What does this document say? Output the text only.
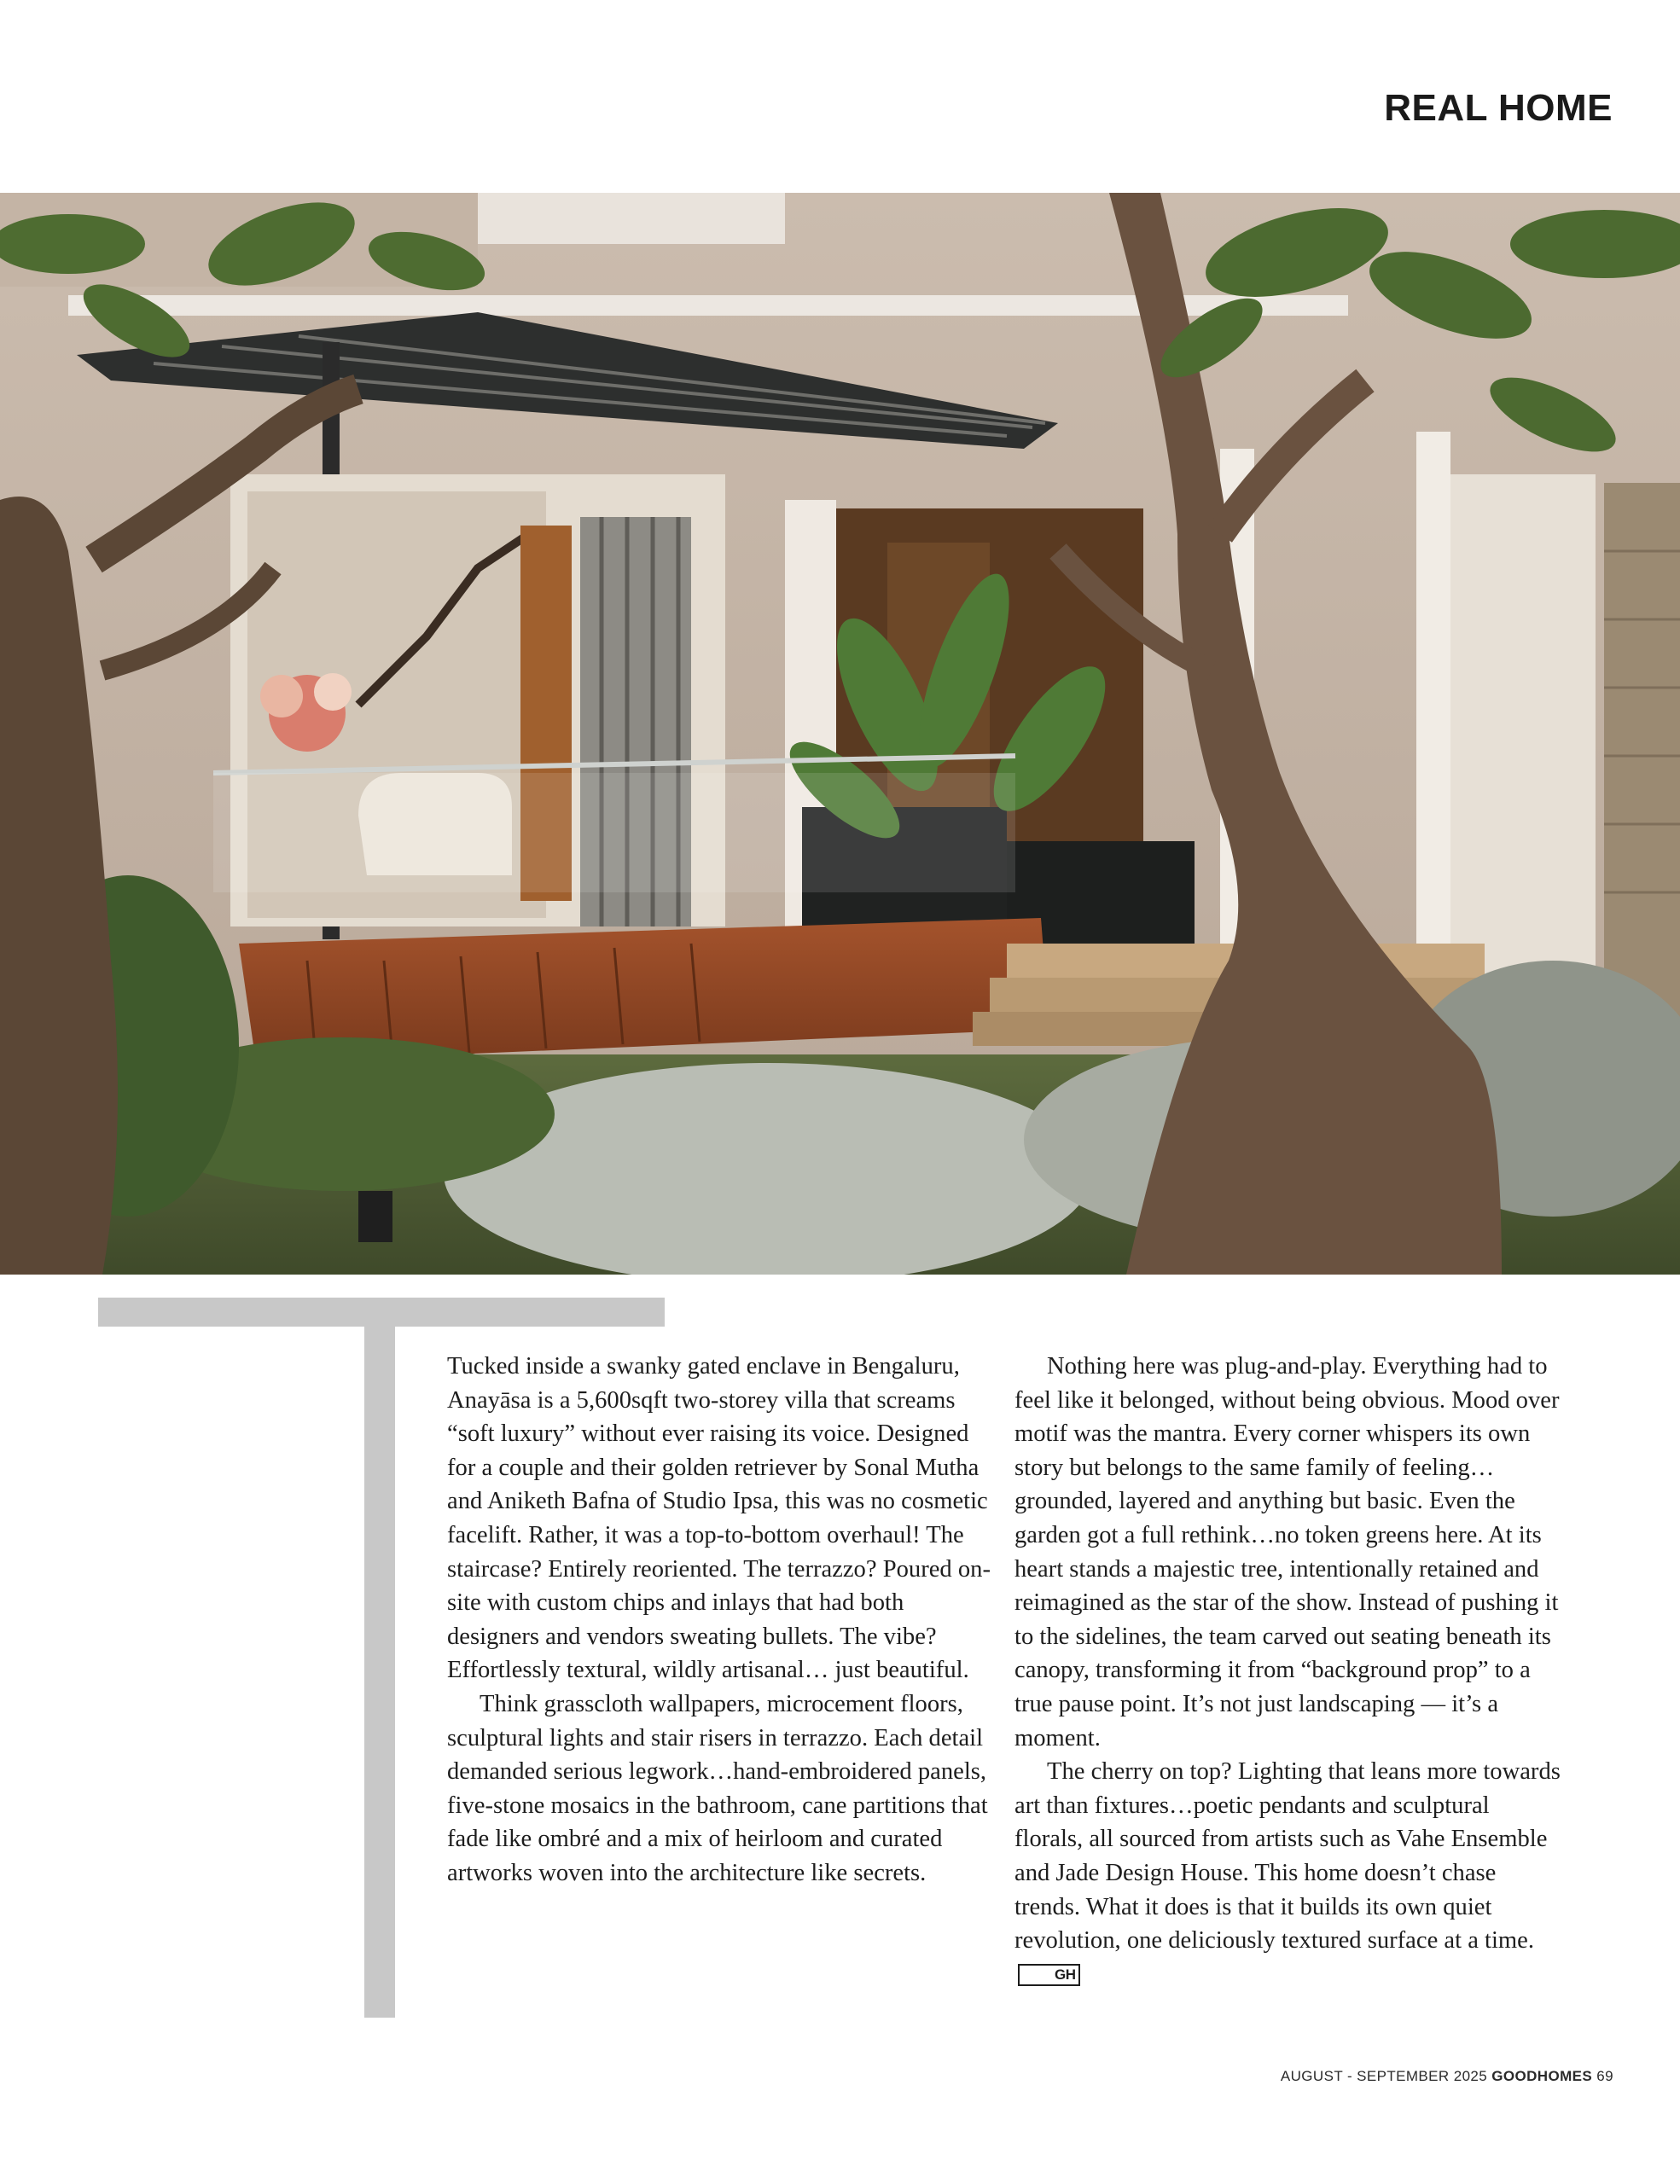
REAL HOME

Tucked inside a swanky gated enclave in Bengaluru, Anayāsa is a 5,600sqft two-storey villa that screams “soft luxury” without ever raising its voice. Designed for a couple and their golden retriever by Sonal Mutha and Aniketh Bafna of Studio Ipsa, this was no cosmetic facelift. Rather, it was a top-to-bottom overhaul! The staircase? Entirely reoriented. The terrazzo? Poured on-site with custom chips and inlays that had both designers and vendors sweating bullets. The vibe? Effortlessly textural, wildly artisanal… just beautiful.

Think grasscloth wallpapers, microcement floors, sculptural lights and stair risers in terrazzo. Each detail demanded serious legwork…hand-embroidered panels, five-stone mosaics in the bathroom, cane partitions that fade like ombré and a mix of heirloom and curated artworks woven into the architecture like secrets.

Nothing here was plug-and-play. Everything had to feel like it belonged, without being obvious. Mood over motif was the mantra. Every corner whispers its own story but belongs to the same family of feeling…grounded, layered and anything but basic. Even the garden got a full rethink…no token greens here. At its heart stands a majestic tree, intentionally retained and reimagined as the star of the show. Instead of pushing it to the sidelines, the team carved out seating beneath its canopy, transforming it from “background prop” to a true pause point. It’s not just landscaping — it’s a moment.

The cherry on top? Lighting that leans more towards art than fixtures…poetic pendants and sculptural florals, all sourced from artists such as Vahe Ensemble and Jade Design House. This home doesn’t chase trends. What it does is that it builds its own quiet revolution, one deliciously textured surface at a time.GH

AUGUST - SEPTEMBER 2025 GOODHOMES 69
